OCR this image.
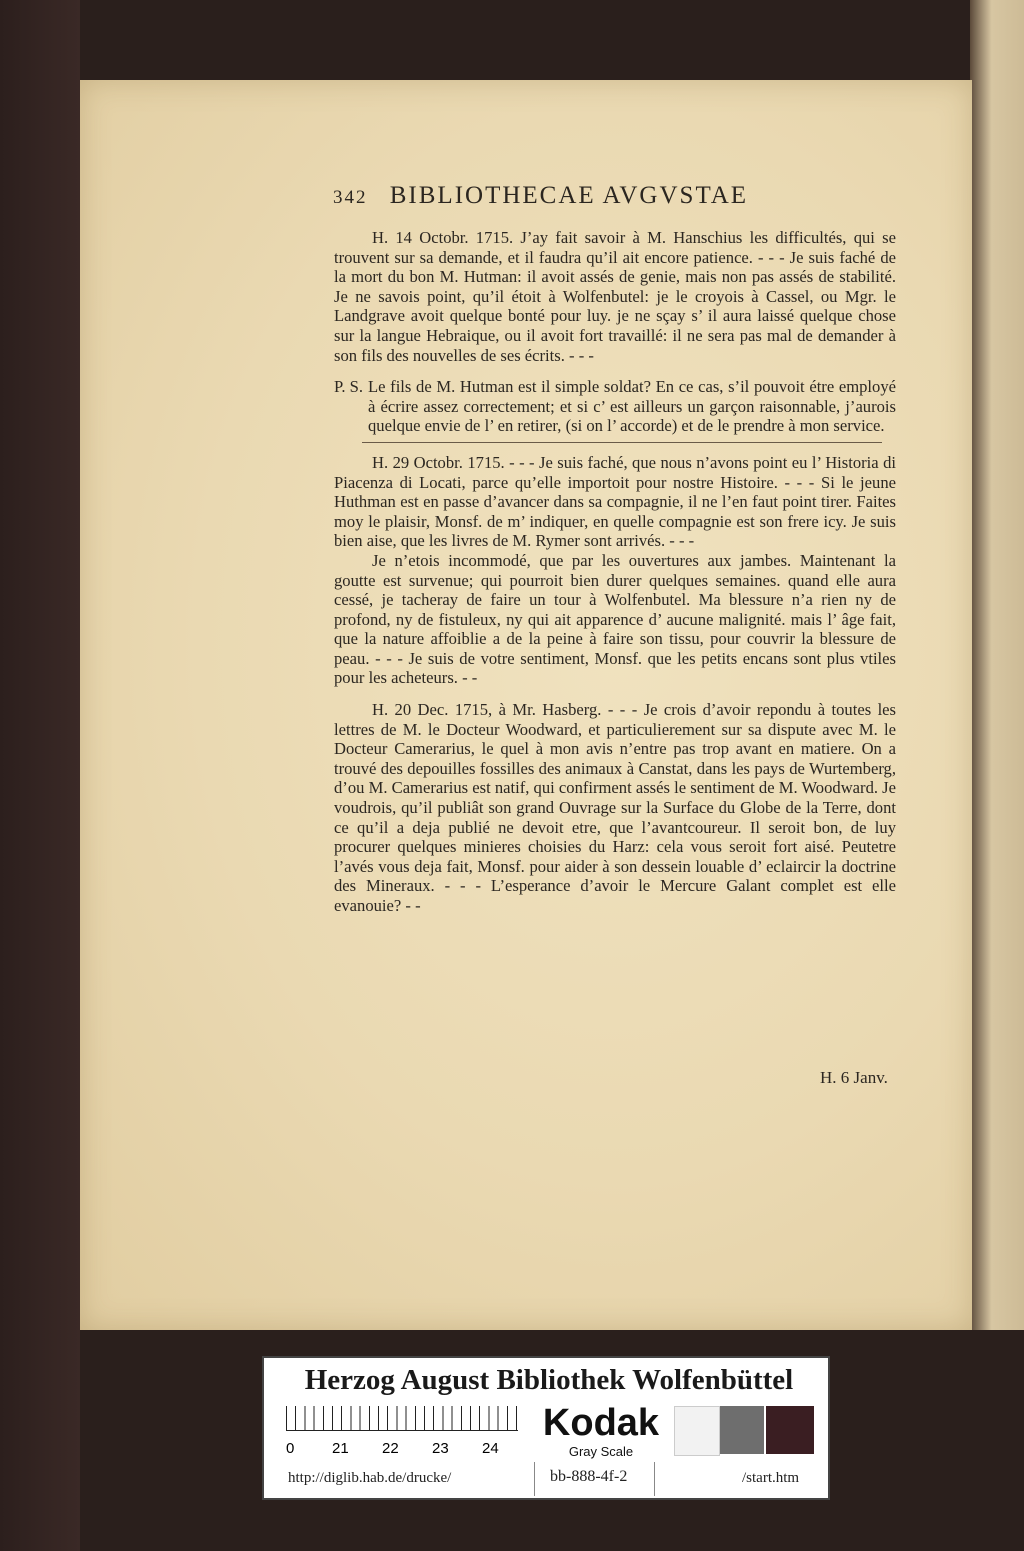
342 BIBLIOTHECAE AVGVSTAE

H. 14 Octobr. 1715. J’ay fait savoir à M. Hanschius les difficultés, qui se trouvent sur sa demande, et il faudra qu’il ait encore patience. - - - Je suis faché de la mort du bon M. Hutman: il avoit assés de genie, mais non pas assés de stabilité. Je ne savois point, qu’il étoit à Wolfenbutel: je le croyois à Cassel, ou Mgr. le Landgrave avoit quelque bonté pour luy. je ne sçay s’ il aura laissé quelque chose sur la langue Hebraique, ou il avoit fort travaillé: il ne sera pas mal de demander à son fils des nouvelles de ses écrits. - - -

P. S. Le fils de M. Hutman est il simple soldat? En ce cas, s’il pouvoit étre employé à écrire assez correctement; et si c’ est ailleurs un garçon raisonnable, j’aurois quelque envie de l’ en retirer, (si on l’ accorde) et de le prendre à mon service.

H. 29 Octobr. 1715. - - - Je suis faché, que nous n’avons point eu l’ Historia di Piacenza di Locati, parce qu’elle importoit pour nostre Histoire. - - - Si le jeune Huthman est en passe d’avancer dans sa compagnie, il ne l’en faut point tirer. Faites moy le plaisir, Monsf. de m’ indiquer, en quelle compagnie est son frere icy. Je suis bien aise, que les livres de M. Rymer sont arrivés. - - -

Je n’etois incommodé, que par les ouvertures aux jambes. Maintenant la goutte est survenue; qui pourroit bien durer quelques semaines. quand elle aura cessé, je tacheray de faire un tour à Wolfenbutel. Ma blessure n’a rien ny de profond, ny de fistuleux, ny qui ait apparence d’ aucune malignité. mais l’ âge fait, que la nature affoiblie a de la peine à faire son tissu, pour couvrir la blessure de peau. - - - Je suis de votre sentiment, Monsf. que les petits encans sont plus vtiles pour les acheteurs. - -

H. 20 Dec. 1715, à Mr. Hasberg. - - - Je crois d’avoir repondu à toutes les lettres de M. le Docteur Woodward, et particulierement sur sa dispute avec M. le Docteur Camerarius, le quel à mon avis n’entre pas trop avant en matiere. On a trouvé des depouilles fossilles des animaux à Canstat, dans les pays de Wurtemberg, d’ou M. Camerarius est natif, qui confirment assés le sentiment de M. Woodward. Je voudrois, qu’il publiât son grand Ouvrage sur la Surface du Globe de la Terre, dont ce qu’il a deja publié ne devoit etre, que l’avantcoureur. Il seroit bon, de luy procurer quelques minieres choisies du Harz: cela vous seroit fort aisé. Peutetre l’avés vous deja fait, Monsf. pour aider à son dessein louable d’ eclaircir la doctrine des Mineraux. - - - L’esperance d’avoir le Mercure Galant complet est elle evanouie? - -

H. 6 Janv.
Herzog August Bibliothek Wolfenbüttel
0	21 22 23 24
Kodak
Gray Scale
http://diglib.hab.de/drucke/	bb-888-4f-2	/start.htm
